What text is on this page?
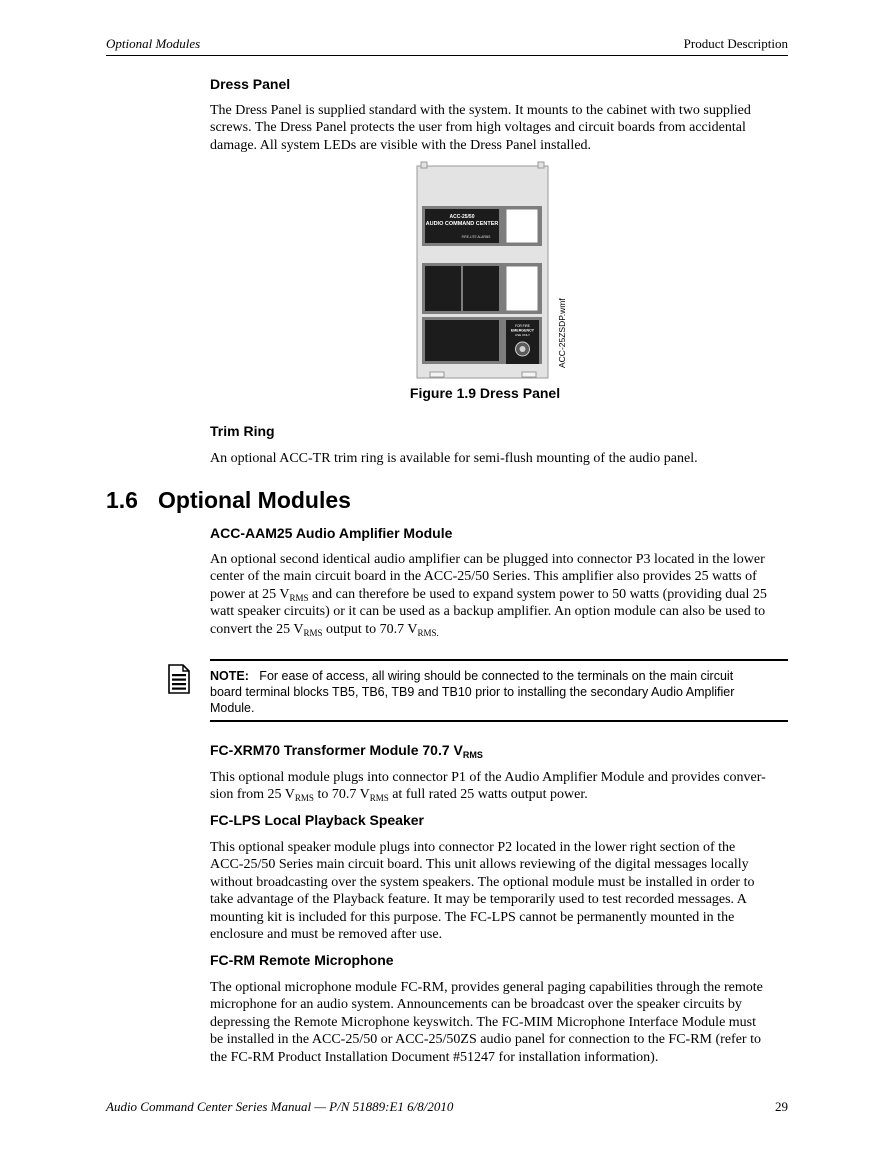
Optional Modules	Product Description
Dress Panel
The Dress Panel is supplied standard with the system. It mounts to the cabinet with two supplied
screws. The Dress Panel protects the user from high voltages and circuit boards from accidental
damage. All system LEDs are visible with the Dress Panel installed.
ACC-25/50
AUDIO COMMAND CENTER
FIRE-LITE ALARMS
FOR FIRE
EMERGENCY
USE ONLY	ACC-25ZSDP.wmf
Figure 1.9 Dress Panel
Trim Ring
An optional ACC-TR trim ring is available for semi-flush mounting of the audio panel.
1.6 Optional Modules
ACC-AAM25 Audio Amplifier Module
An optional second identical audio amplifier can be plugged into connector P3 located in the lower
center of the main circuit board in the ACC-25/50 Series. This amplifier also provides 25 watts of
power at 25 $V_{RMS}$ and can therefore be used to expand system power to 50 watts (providing dual 25
watt speaker circuits) or it can be used as a backup amplifier. An option module can also be used to
convert the 25 $V_{RMS}$ output to 70.7 $V_{RMS.}$
NOTE:   For ease of access, all wiring should be connected to the terminals on the main circuit
board terminal blocks TB5, TB6, TB9 and TB10 prior to installing the secondary Audio Amplifier
Module.
FC-XRM70 Transformer Module 70.7 $V_{RMS}$
This optional module plugs into connector P1 of the Audio Amplifier Module and provides conver-
sion from 25 $V_{RMS}$ to 70.7 $V_{RMS}$ at full rated 25 watts output power.
FC-LPS Local Playback Speaker
This optional speaker module plugs into connector P2 located in the lower right section of the
ACC-25/50 Series main circuit board. This unit allows reviewing of the digital messages locally
without broadcasting over the system speakers. The optional module must be installed in order to
take advantage of the Playback feature. It may be temporarily used to test recorded messages. A
mounting kit is included for this purpose. The FC-LPS cannot be permanently mounted in the
enclosure and must be removed after use.
FC-RM Remote Microphone
The optional microphone module FC-RM, provides general paging capabilities through the remote
microphone for an audio system. Announcements can be broadcast over the speaker circuits by
depressing the Remote Microphone keyswitch. The FC-MIM Microphone Interface Module must
be installed in the ACC-25/50 or ACC-25/50ZS audio panel for connection to the FC-RM (refer to
the FC-RM Product Installation Document #51247 for installation information).
Audio Command Center Series Manual — P/N 51889:E1 6/8/2010	29
